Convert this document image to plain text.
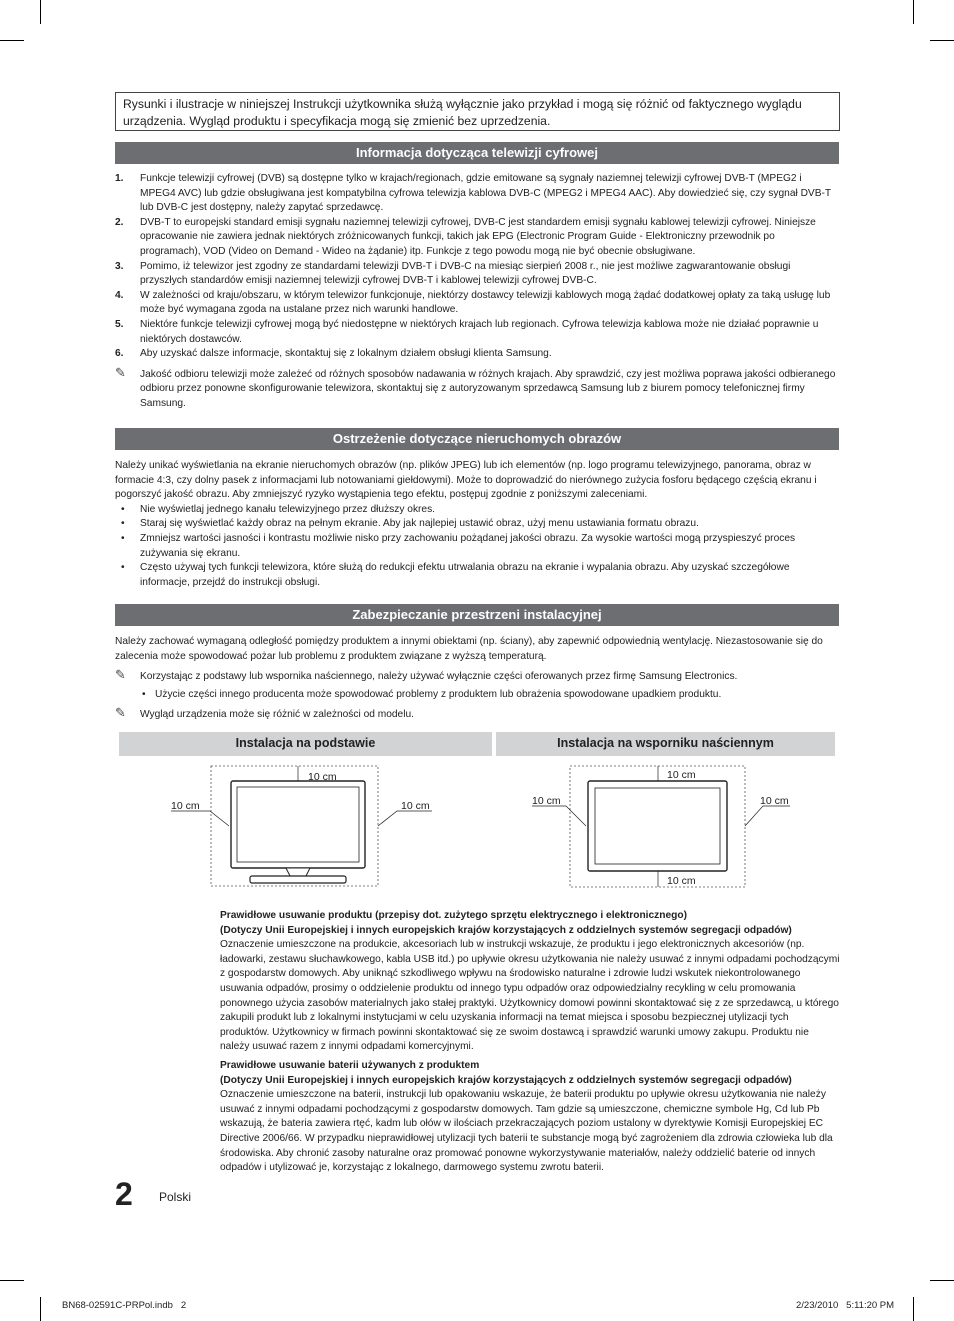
Rysunki i ilustracje w niniejszej Instrukcji użytkownika służą wyłącznie jako przykład i mogą się różnić od faktycznego wyglądu urządzenia. Wygląd produktu i specyfikacja mogą się zmienić bez uprzedzenia.
Informacja dotycząca telewizji cyfrowej
1. Funkcje telewizji cyfrowej (DVB) są dostępne tylko w krajach/regionach, gdzie emitowane są sygnały naziemnej telewizji cyfrowej DVB-T (MPEG2 i MPEG4 AVC) lub gdzie obsługiwana jest kompatybilna cyfrowa telewizja kablowa DVB-C (MPEG2 i MPEG4 AAC). Aby dowiedzieć się, czy sygnał DVB-T lub DVB-C jest dostępny, należy zapytać sprzedawcę.
2. DVB-T to europejski standard emisji sygnału naziemnej telewizji cyfrowej, DVB-C jest standardem emisji sygnału kablowej telewizji cyfrowej. Niniejsze opracowanie nie zawiera jednak niektórych zróżnicowanych funkcji, takich jak EPG (Electronic Program Guide - Elektroniczny przewodnik po programach), VOD (Video on Demand - Wideo na żądanie) itp. Funkcje z tego powodu mogą nie być obecnie obsługiwane.
3. Pomimo, iż telewizor jest zgodny ze standardami telewizji DVB-T i DVB-C na miesiąc sierpień 2008 r., nie jest możliwe zagwarantowanie obsługi przyszłych standardów emisji naziemnej telewizji cyfrowej DVB-T i kablowej telewizji cyfrowej DVB-C.
4. W zależności od kraju/obszaru, w którym telewizor funkcjonuje, niektórzy dostawcy telewizji kablowych mogą żądać dodatkowej opłaty za taką usługę lub może być wymagana zgoda na ustalane przez nich warunki handlowe.
5. Niektóre funkcje telewizji cyfrowej mogą być niedostępne w niektórych krajach lub regionach. Cyfrowa telewizja kablowa może nie działać poprawnie u niektórych dostawców.
6. Aby uzyskać dalsze informacje, skontaktuj się z lokalnym działem obsługi klienta Samsung.
✎ Jakość odbioru telewizji może zależeć od różnych sposobów nadawania w różnych krajach. Aby sprawdzić, czy jest możliwa poprawa jakości odbieranego odbioru przez ponowne skonfigurowanie telewizora, skontaktuj się z autoryzowanym sprzedawcą Samsung lub z biurem pomocy telefonicznej firmy Samsung.
Ostrzeżenie dotyczące nieruchomych obrazów

Należy unikać wyświetlania na ekranie nieruchomych obrazów (np. plików JPEG) lub ich elementów (np. logo programu telewizyjnego, panorama, obraz w formacie 4:3, czy dolny pasek z informacjami lub notowaniami giełdowymi). Może to doprowadzić do nierównego zużycia fosforu będącego częścią ekranu i pogorszyć jakość obrazu. Aby zmniejszyć ryzyko wystąpienia tego efektu, postępuj zgodnie z poniższymi zaleceniami.

• Nie wyświetlaj jednego kanału telewizyjnego przez dłuższy okres.
• Staraj się wyświetlać każdy obraz na pełnym ekranie. Aby jak najlepiej ustawić obraz, użyj menu ustawiania formatu obrazu.
• Zmniejsz wartości jasności i kontrastu możliwie nisko przy zachowaniu pożądanej jakości obrazu. Za wysokie wartości mogą przyspieszyć proces zużywania się ekranu.
• Często używaj tych funkcji telewizora, które służą do redukcji efektu utrwalania obrazu na ekranie i wypalania obrazu. Aby uzyskać szczegółowe informacje, przejdź do instrukcji obsługi.
Zabezpieczanie przestrzeni instalacyjnej

Należy zachować wymaganą odległość pomiędzy produktem a innymi obiektami (np. ściany), aby zapewnić odpowiednią wentylację. Niezastosowanie się do zalecenia może spowodować pożar lub problemu z produktem związane z wyższą temperaturą.

✎ Korzystając z podstawy lub wspornika naściennego, należy używać wyłącznie części oferowanych przez firmę Samsung Electronics.
• Użycie części innego producenta może spowodować problemy z produktem lub obrażenia spowodowane upadkiem produktu.
✎ Wygląd urządzenia może się różnić w zależności od modelu.
Instalacja na podstawie	Instalacja na wsporniku naściennym
10 cm
10 cm	10 cm
10 cm
10 cm
10 cm	10 cm

Prawidłowe usuwanie produktu (przepisy dot. zużytego sprzętu elektrycznego i elektronicznego)

(Dotyczy Unii Europejskiej i innych europejskich krajów korzystających z oddzielnych systemów segregacji odpadów)

Oznaczenie umieszczone na produkcie, akcesoriach lub w instrukcji wskazuje, że produktu i jego elektronicznych akcesoriów (np. ładowarki, zestawu słuchawkowego, kabla USB itd.) po upływie okresu użytkowania nie należy usuwać z innymi odpadami pochodzącymi z gospodarstw domowych. Aby uniknąć szkodliwego wpływu na środowisko naturalne i zdrowie ludzi wskutek niekontrolowanego usuwania odpadów, prosimy o oddzielenie produktu od innego typu odpadów oraz odpowiedzialny recykling w celu promowania ponownego użycia zasobów materialnych jako stałej praktyki. Użytkownicy domowi powinni skontaktować się z ze sprzedawcą, u którego zakupili produkt lub z lokalnymi instytucjami w celu uzyskania informacji na temat miejsca i sposobu bezpiecznej utylizacji tych produktów. Użytkownicy w firmach powinni skontaktować się ze swoim dostawcą i sprawdzić warunki umowy zakupu. Produktu nie należy usuwać razem z innymi odpadami komercyjnymi.

Prawidłowe usuwanie baterii używanych z produktem

(Dotyczy Unii Europejskiej i innych europejskich krajów korzystających z oddzielnych systemów segregacji odpadów)

Oznaczenie umieszczone na baterii, instrukcji lub opakowaniu wskazuje, że baterii produktu po upływie okresu użytkowania nie należy usuwać z innymi odpadami pochodzącymi z gospodarstw domowych. Tam gdzie są umieszczone, chemiczne symbole Hg, Cd lub Pb wskazują, że bateria zawiera rtęć, kadm lub ołów w ilościach przekraczających poziom ustalony w dyrektywie Komisji Europejskiej EC Directive 2006/66. W przypadku nieprawidłowej utylizacji tych baterii te substancje mogą być zagrożeniem dla zdrowia człowieka lub dla środowiska. Aby chronić zasoby naturalne oraz promować ponowne wykorzystywanie materiałów, należy oddzielić baterie od innych odpadów i utylizować je, korzystając z lokalnego, darmowego systemu zwrotu baterii.

2 Polski
BN68-02591C-PRPol.indb   2	2/23/2010   5:11:20 PM
